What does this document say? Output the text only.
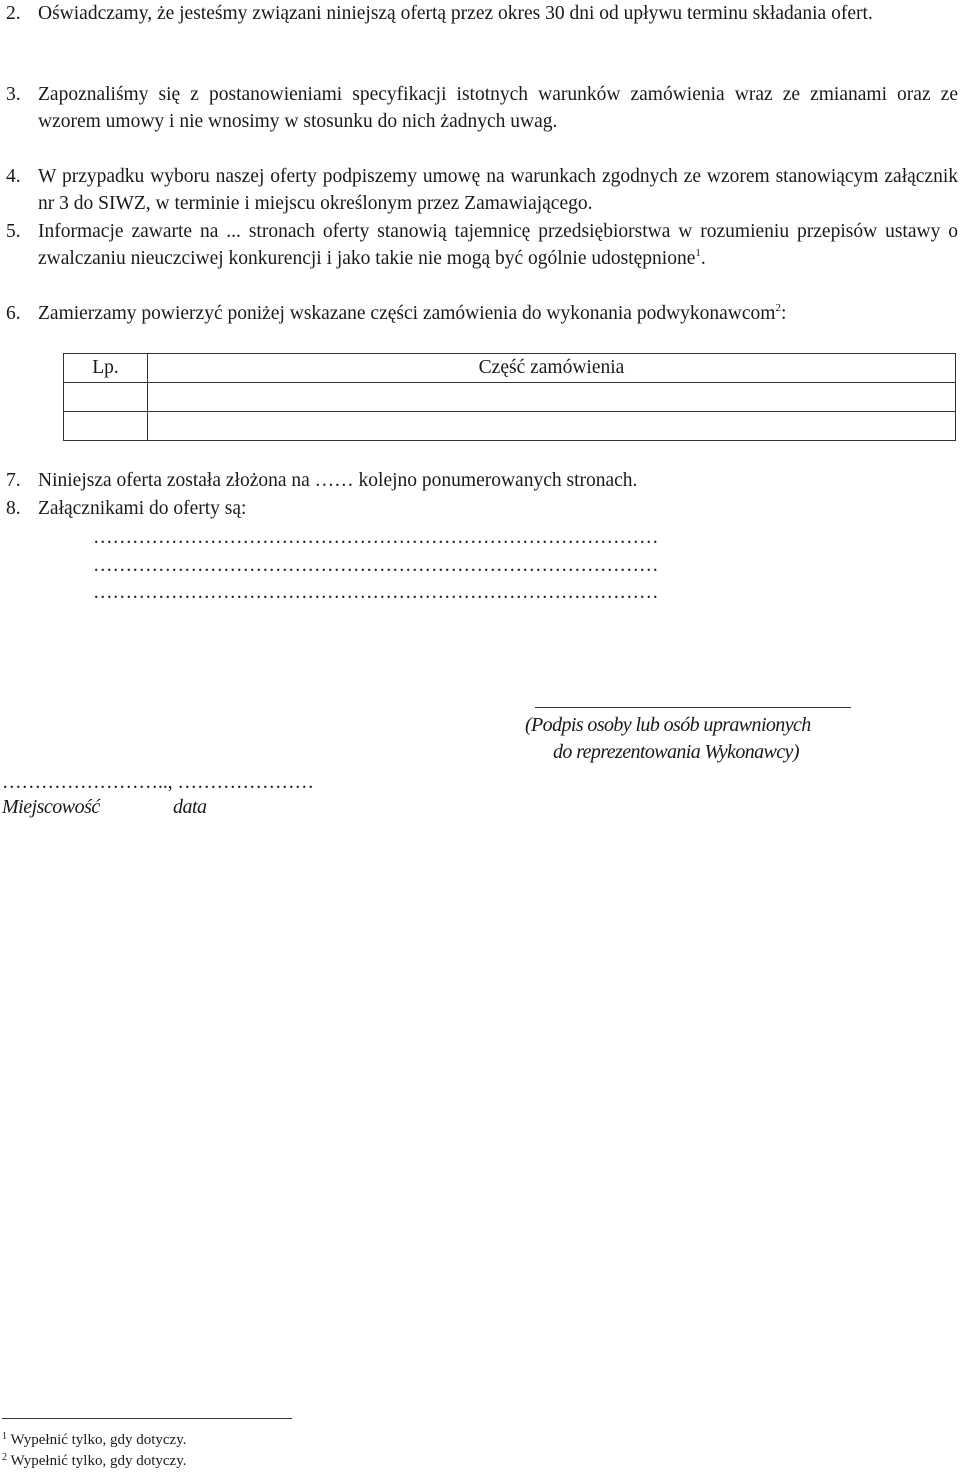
2. Oświadczamy, że jesteśmy związani niniejszą ofertą przez okres 30 dni od upływu terminu składania ofert.
3. Zapoznaliśmy się z postanowieniami specyfikacji istotnych warunków zamówienia wraz ze zmianami oraz ze wzorem umowy i nie wnosimy w stosunku do nich żadnych uwag.
4. W przypadku wyboru naszej oferty podpiszemy umowę na warunkach zgodnych ze wzorem stanowiącym załącznik nr 3 do SIWZ, w terminie i miejscu określonym przez Zamawiającego.
5. Informacje zawarte na ... stronach oferty stanowią tajemnicę przedsiębiorstwa w rozumieniu przepisów ustawy o zwalczaniu nieuczciwej konkurencji i jako takie nie mogą być ogólnie udostępnione$^1$.
6. Zamierzamy powierzyć poniżej wskazane części zamówienia do wykonania podwykonawcom$^2$:
Lp.	Część zamówienia

7. Niniejsza oferta została złożona na …… kolejno ponumerowanych stronach.
8. Załącznikami do oferty są:
……………………………………………………………………………
……………………………………………………………………………
……………………………………………………………………………
(Podpis osoby lub osób uprawnionych
do reprezentowania Wykonawcy)
…………………….., …………………
Miejscowość	data
$^1$ Wypełnić tylko, gdy dotyczy.
$^2$ Wypełnić tylko, gdy dotyczy.
